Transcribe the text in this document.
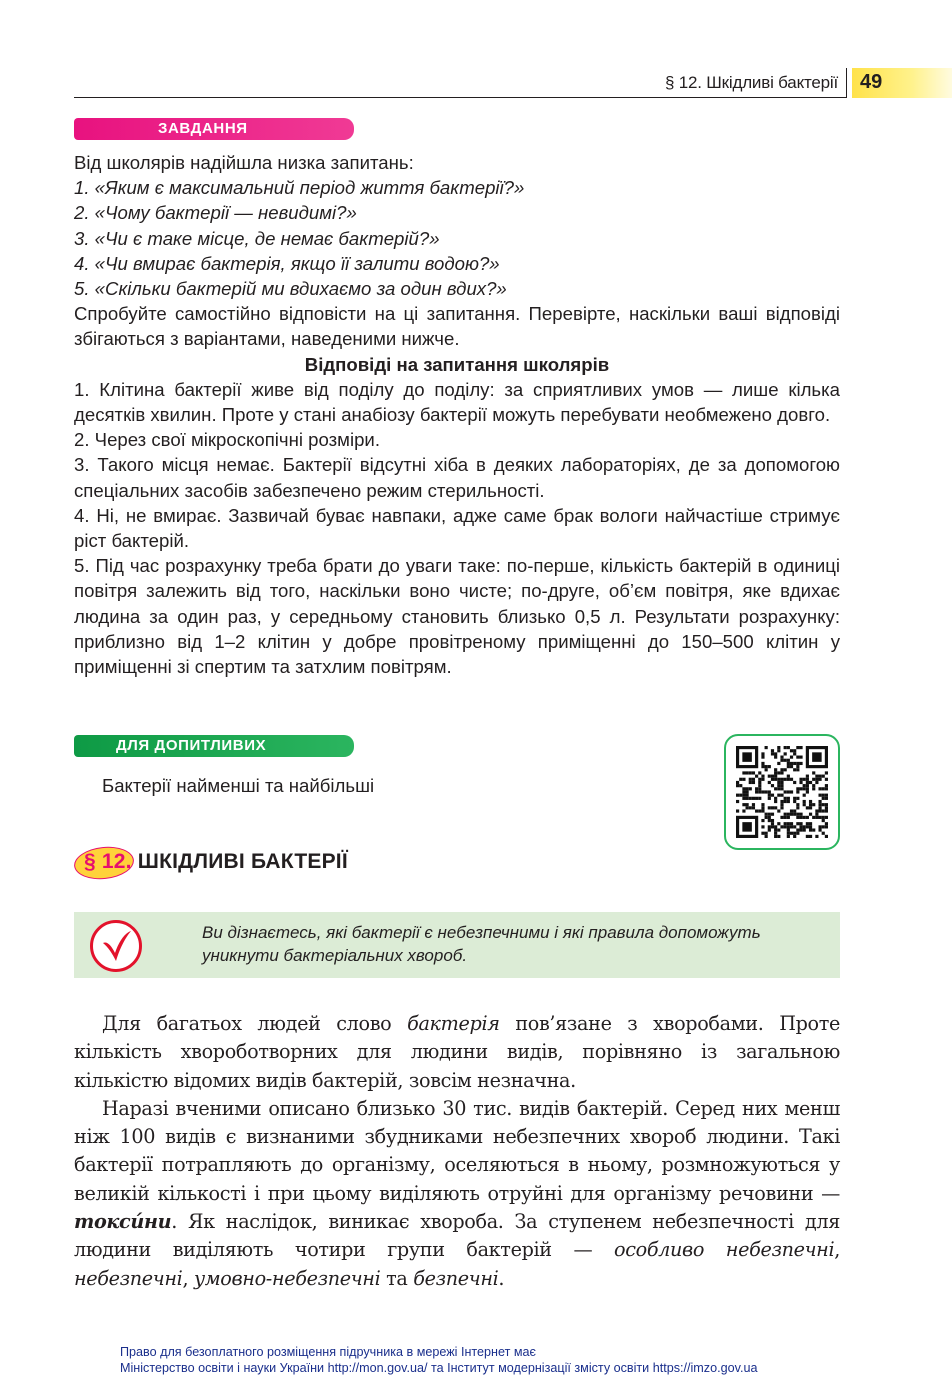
§ 12. Шкідливі бактерії 49
ЗАВДАННЯ

Від школярів надійшла низка запитань:

1. «Яким є максимальний період життя бактерії?»

2. «Чому бактерії — невидимі?»

3. «Чи є таке місце, де немає бактерій?»

4. «Чи вмирає бактерія, якщо її залити водою?»

5. «Скільки бактерій ми вдихаємо за один вдих?»

Спробуйте самостійно відповісти на ці запитання. Перевірте, наскільки ваші відповіді збігаються з варіантами, наведеними нижче.

Відповіді на запитання школярів

1. Клітина бактерії живе від поділу до поділу: за сприятливих умов — лише кілька десятків хвилин. Проте у стані анабіозу бактерії можуть перебувати необмежено довго.

2. Через свої мікроскопічні розміри.

3. Такого місця немає. Бактерії відсутні хіба в деяких лабораторіях, де за допомогою спеціальних засобів забезпечено режим стерильності.

4. Ні, не вмирає. Зазвичай буває навпаки, адже саме брак вологи найчастіше стримує ріст бактерій.

5. Під час розрахунку треба брати до уваги таке: по-перше, кількість бактерій в одиниці повітря залежить від того, наскільки воно чисте; по-друге, об’єм повітря, яке вдихає людина за один раз, у середньому становить близько 0,5 л. Результати розрахунку: приблизно від 1–2 клітин у добре провітреному приміщенні до 150–500 клітин у приміщенні зі спертим та затхлим повітрям.

ДЛЯ ДОПИТЛИВИХ
Бактерії найменші та найбільші
§ 12. ШКІДЛИВІ БАКТЕРІЇ
Ви дізнаєтесь, які бактерії є небезпечними і які правила допоможуть уникнути бактеріальних хвороб.

Для багатьох людей слово бактерія пов’язане з хворобами. Проте кількість хвороботворних для людини видів, порівняно із загальною кількістю відомих видів бактерій, зовсім незначна.

Наразі вченими описано близько 30 тис. видів бактерій. Серед них менш ніж 100 видів є визнаними збудниками небезпечних хвороб людини. Такі бактерії потрапляють до організму, оселяються в ньому, розмножуються у великій кількості і при цьому виділяють отруйні для організму речовини — токси́ни. Як наслідок, виникає хвороба. За ступенем небезпечності для людини виділяють чотири групи бактерій — особливо небезпечні, небезпечні, умовно-небезпечні та безпечні.

Право для безоплатного розміщення підручника в мережі Інтернет має
Міністерство освіти і науки України http://mon.gov.ua/ та Інститут модернізації змісту освіти https://imzo.gov.ua
